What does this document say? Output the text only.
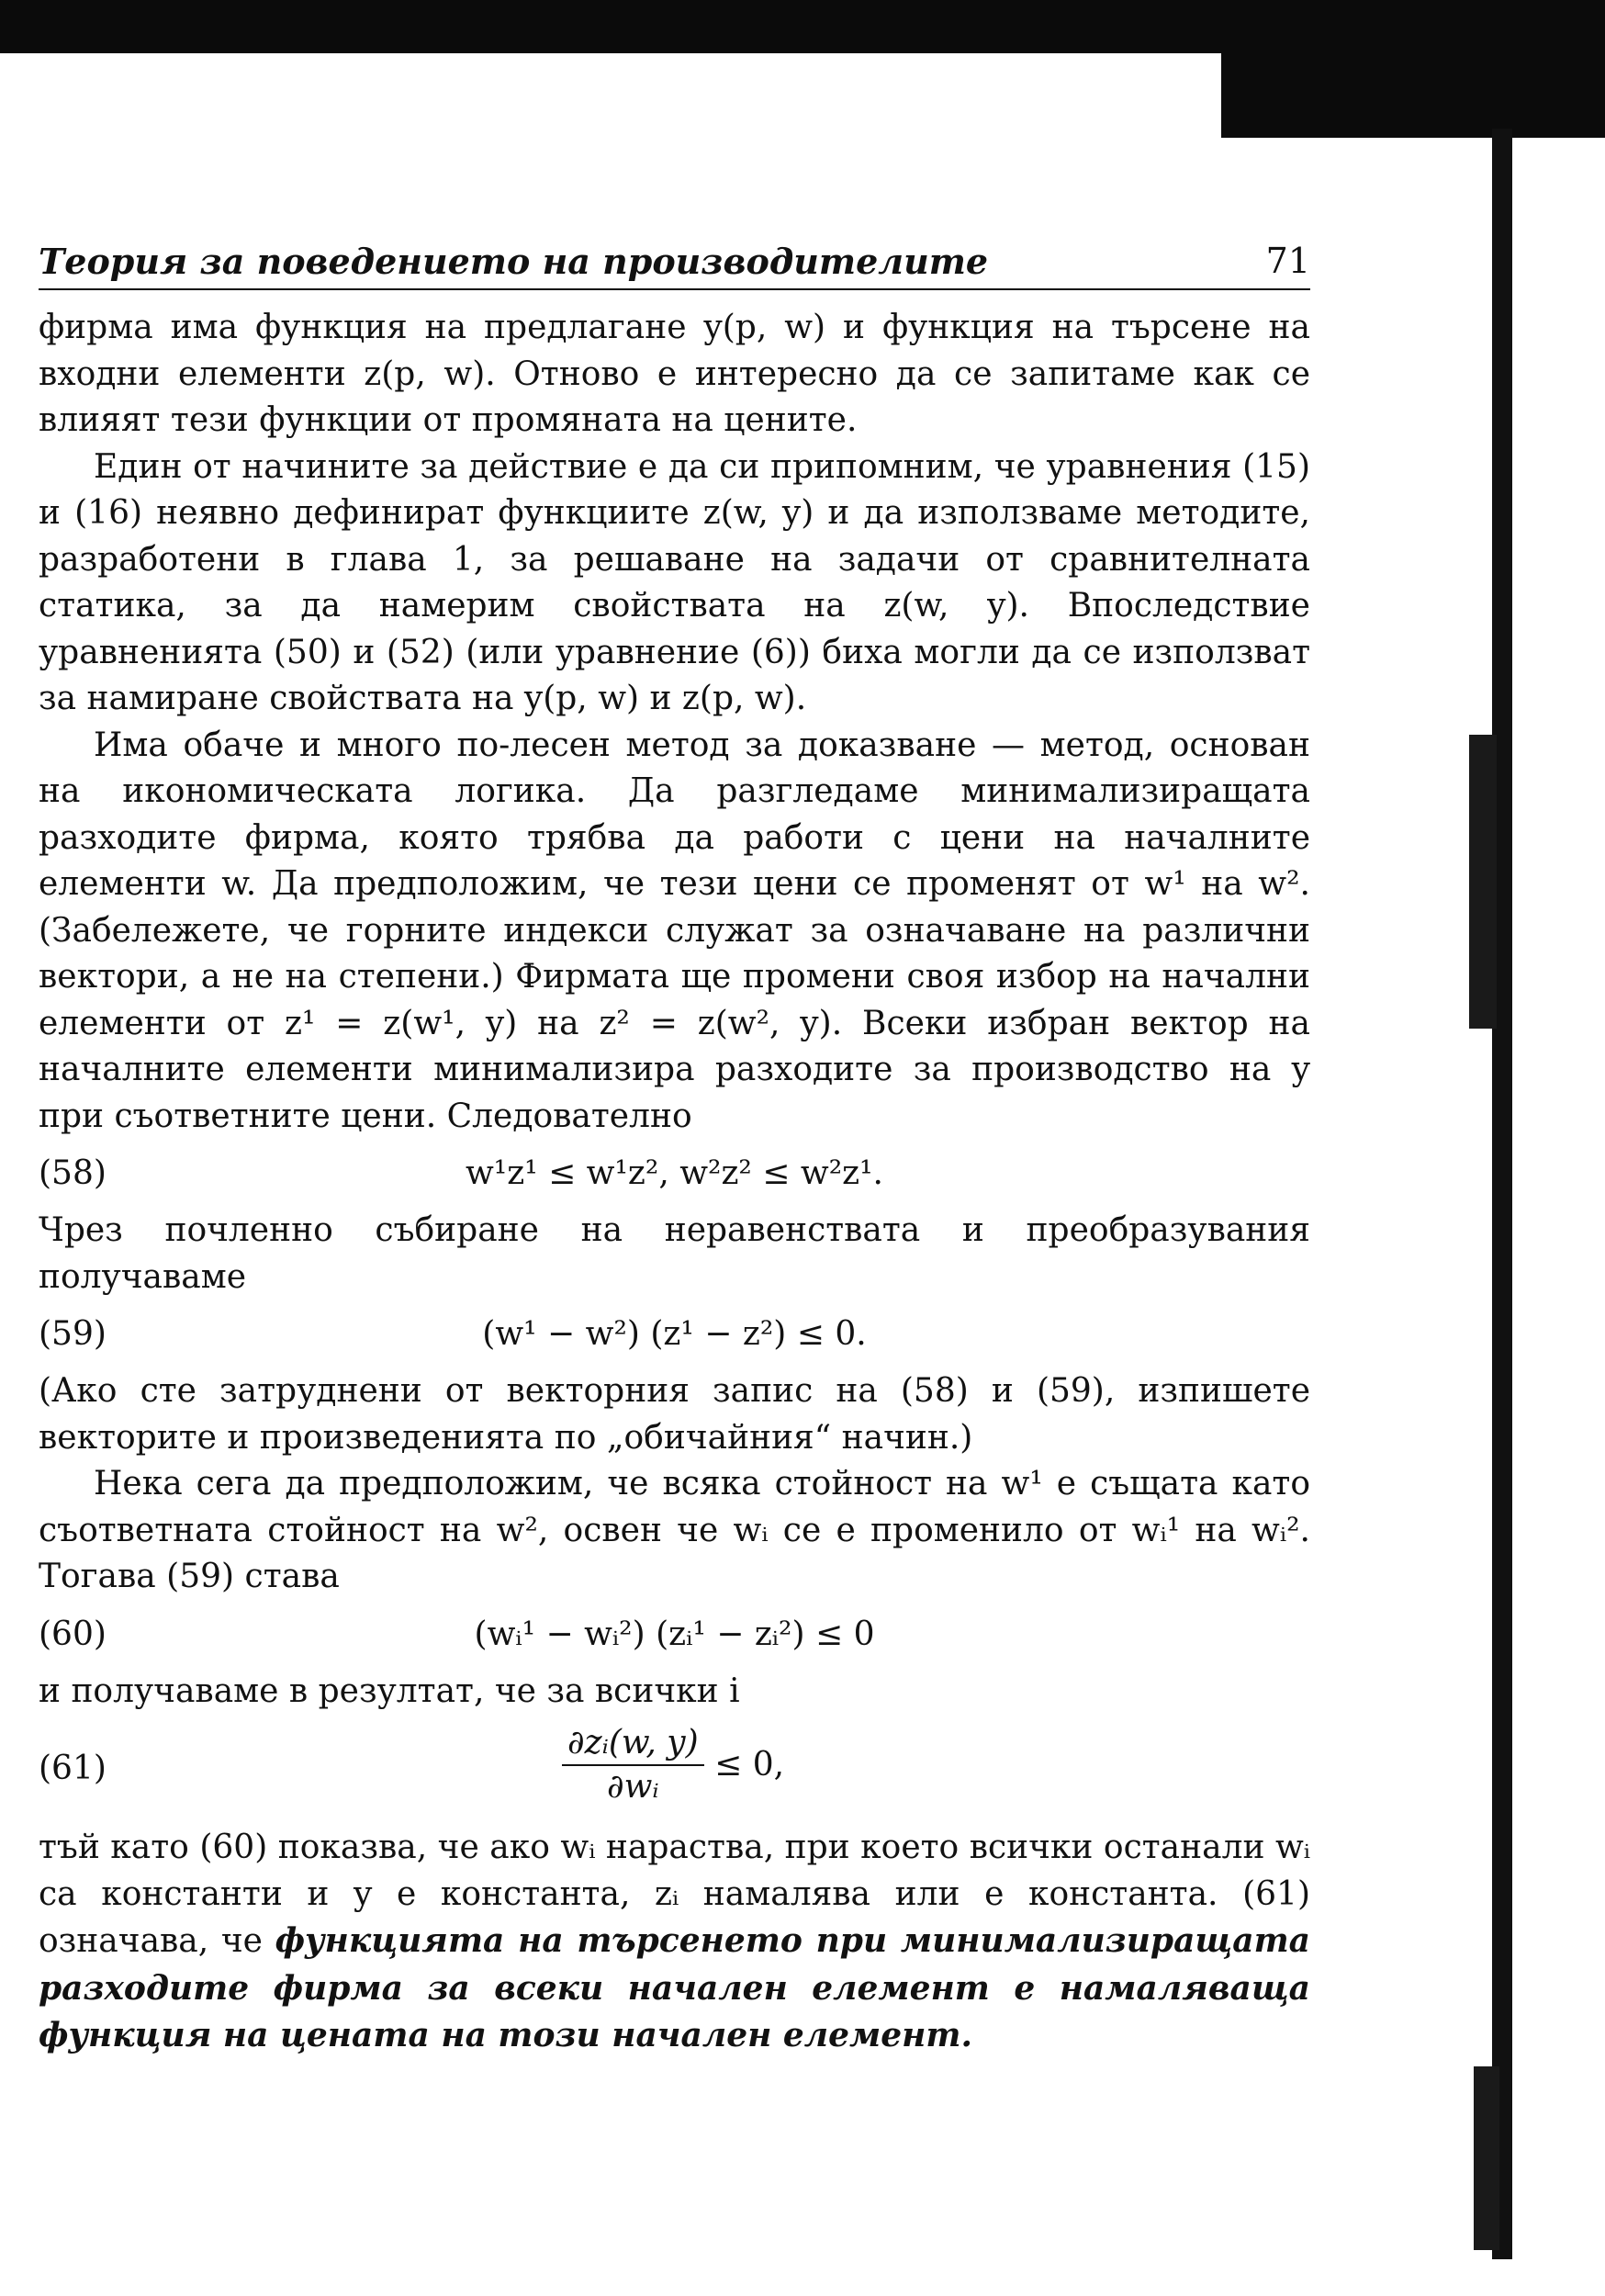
Теория за поведението на производителите	71

фирма има функция на предлагане y(p, w) и функция на търсене на входни елементи z(p, w). Отново е интересно да се запитаме как се влияят тези функции от промяната на цените.

Един от начините за действие е да си припомним, че уравнения (15) и (16) неявно дефинират функциите z(w, y) и да използваме методите, разработени в глава 1, за решаване на задачи от сравнителната статика, за да намерим свойствата на z(w, y). Впоследствие уравненията (50) и (52) (или уравнение (6)) биха могли да се използват за намиране свойствата на y(p, w) и z(p, w).

Има обаче и много по-лесен метод за доказване — метод, основан на икономическата логика. Да разгледаме минимализиращата разходите фирма, която трябва да работи с цени на началните елементи w. Да предположим, че тези цени се променят от w¹ на w². (Забележете, че горните индекси служат за означаване на различни вектори, а не на степени.) Фирмата ще промени своя избор на начални елементи от z¹ = z(w¹, y) на z² = z(w², y). Всеки избран вектор на началните елементи минимализира разходите за производство на y при съответните цени. Следователно

(58)	w¹z¹ ≤ w¹z², w²z² ≤ w²z¹.

Чрез почленно събиране на неравенствата и преобразувания получаваме

(59)	(w¹ − w²) (z¹ − z²) ≤ 0.

(Ако сте затруднени от векторния запис на (58) и (59), изпишете векторите и произведенията по „обичайния“ начин.)

Нека сега да предположим, че всяка стойност на w¹ е същата като съответната стойност на w², освен че wᵢ се е променило от wᵢ¹ на wᵢ². Тогава (59) става

(60)	(wᵢ¹ − wᵢ²) (zᵢ¹ − zᵢ²) ≤ 0

и получаваме в резултат, че за всички i

(61)	$\frac{\text{∂zᵢ(w, y)}}{\text{∂wᵢ}} \le 0$,

тъй като (60) показва, че ако wᵢ нараства, при което всички останали wᵢ са константи и y е константа, zᵢ намалява или е константа. (61) означава, че функцията на търсенето при минимализиращата разходите фирма за всеки начален елемент е намаляваща функция на цената на този начален елемент.
